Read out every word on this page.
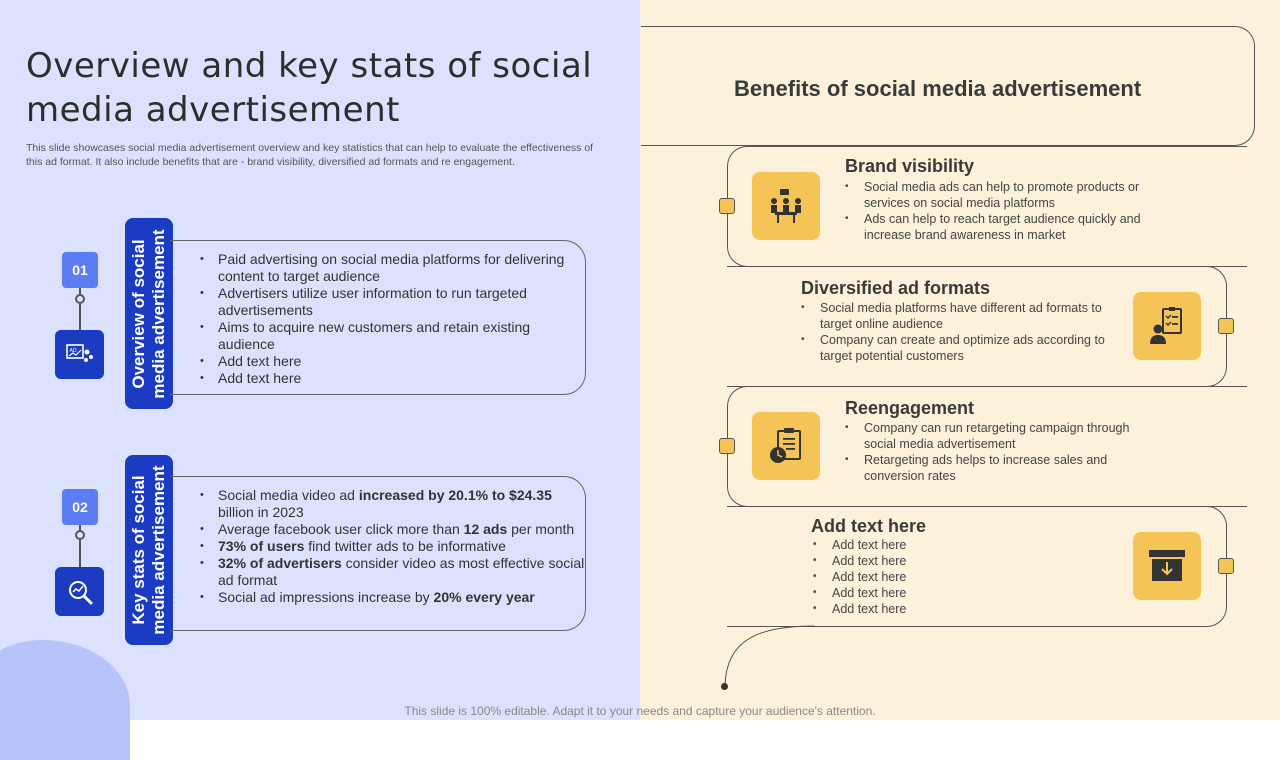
Overview and key stats of social media advertisement

This slide showcases social media advertisement overview and key statistics that can help to evaluate the effectiveness of this ad format. It also include benefits that are - brand visibility, diversified ad formats and re engagement.

01
AD	Overview of social
media advertisement	• Paid advertising on social media platforms for delivering content to target audience
• Advertisers utilize user information to run targeted advertisements
• Aims to acquire new customers and retain existing audience
• Add text here
• Add text here
02	Key stats of social
media advertisement	• Social media video ad increased by 20.1% to $24.35 billion in 2023
• Average facebook user click more than 12 ads per month
• 73% of users find twitter ads to be informative
• 32% of advertisers consider video as most effective social ad format
• Social ad impressions increase by 20% every year
Benefits of social media advertisement
Brand visibility
• Social media ads can help to promote products or services on social media platforms
• Ads can help to reach target audience quickly and increase brand awareness in market
Diversified ad formats
• Social media platforms have different ad formats to target online audience
• Company can create and optimize ads according to target potential customers
Reengagement
• Company can run retargeting campaign through social media advertisement
• Retargeting ads helps to increase sales and conversion rates
Add text here
• Add text here
• Add text here
• Add text here
• Add text here
• Add text here
This slide is 100% editable. Adapt it to your needs and capture your audience's attention.
